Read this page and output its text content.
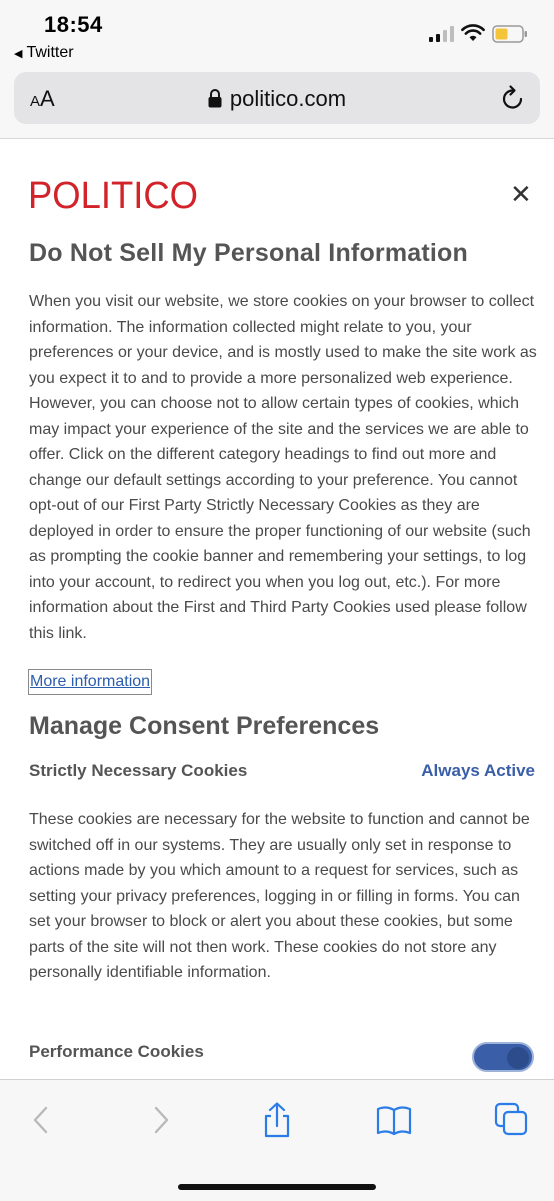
18:54
◀ Twitter
AA	politico.com
POLITICO	✕
Do Not Sell My Personal Information
When you visit our website, we store cookies on your browser to collect information. The information collected might relate to you, your preferences or your device, and is mostly used to make the site work as you expect it to and to provide a more personalized web experience. However, you can choose not to allow certain types of cookies, which may impact your experience of the site and the services we are able to offer. Click on the different category headings to find out more and change our default settings according to your preference. You cannot opt-out of our First Party Strictly Necessary Cookies as they are deployed in order to ensure the proper functioning of our website (such as prompting the cookie banner and remembering your settings, to log into your account, to redirect you when you log out, etc.). For more information about the First and Third Party Cookies used please follow this link.
More information
Manage Consent Preferences
Strictly Necessary Cookies	Always Active
These cookies are necessary for the website to function and cannot be switched off in our systems. They are usually only set in response to actions made by you which amount to a request for services, such as setting your privacy preferences, logging in or filling in forms. You can set your browser to block or alert you about these cookies, but some parts of the site will not then work. These cookies do not store any personally identifiable information.
Performance Cookies
